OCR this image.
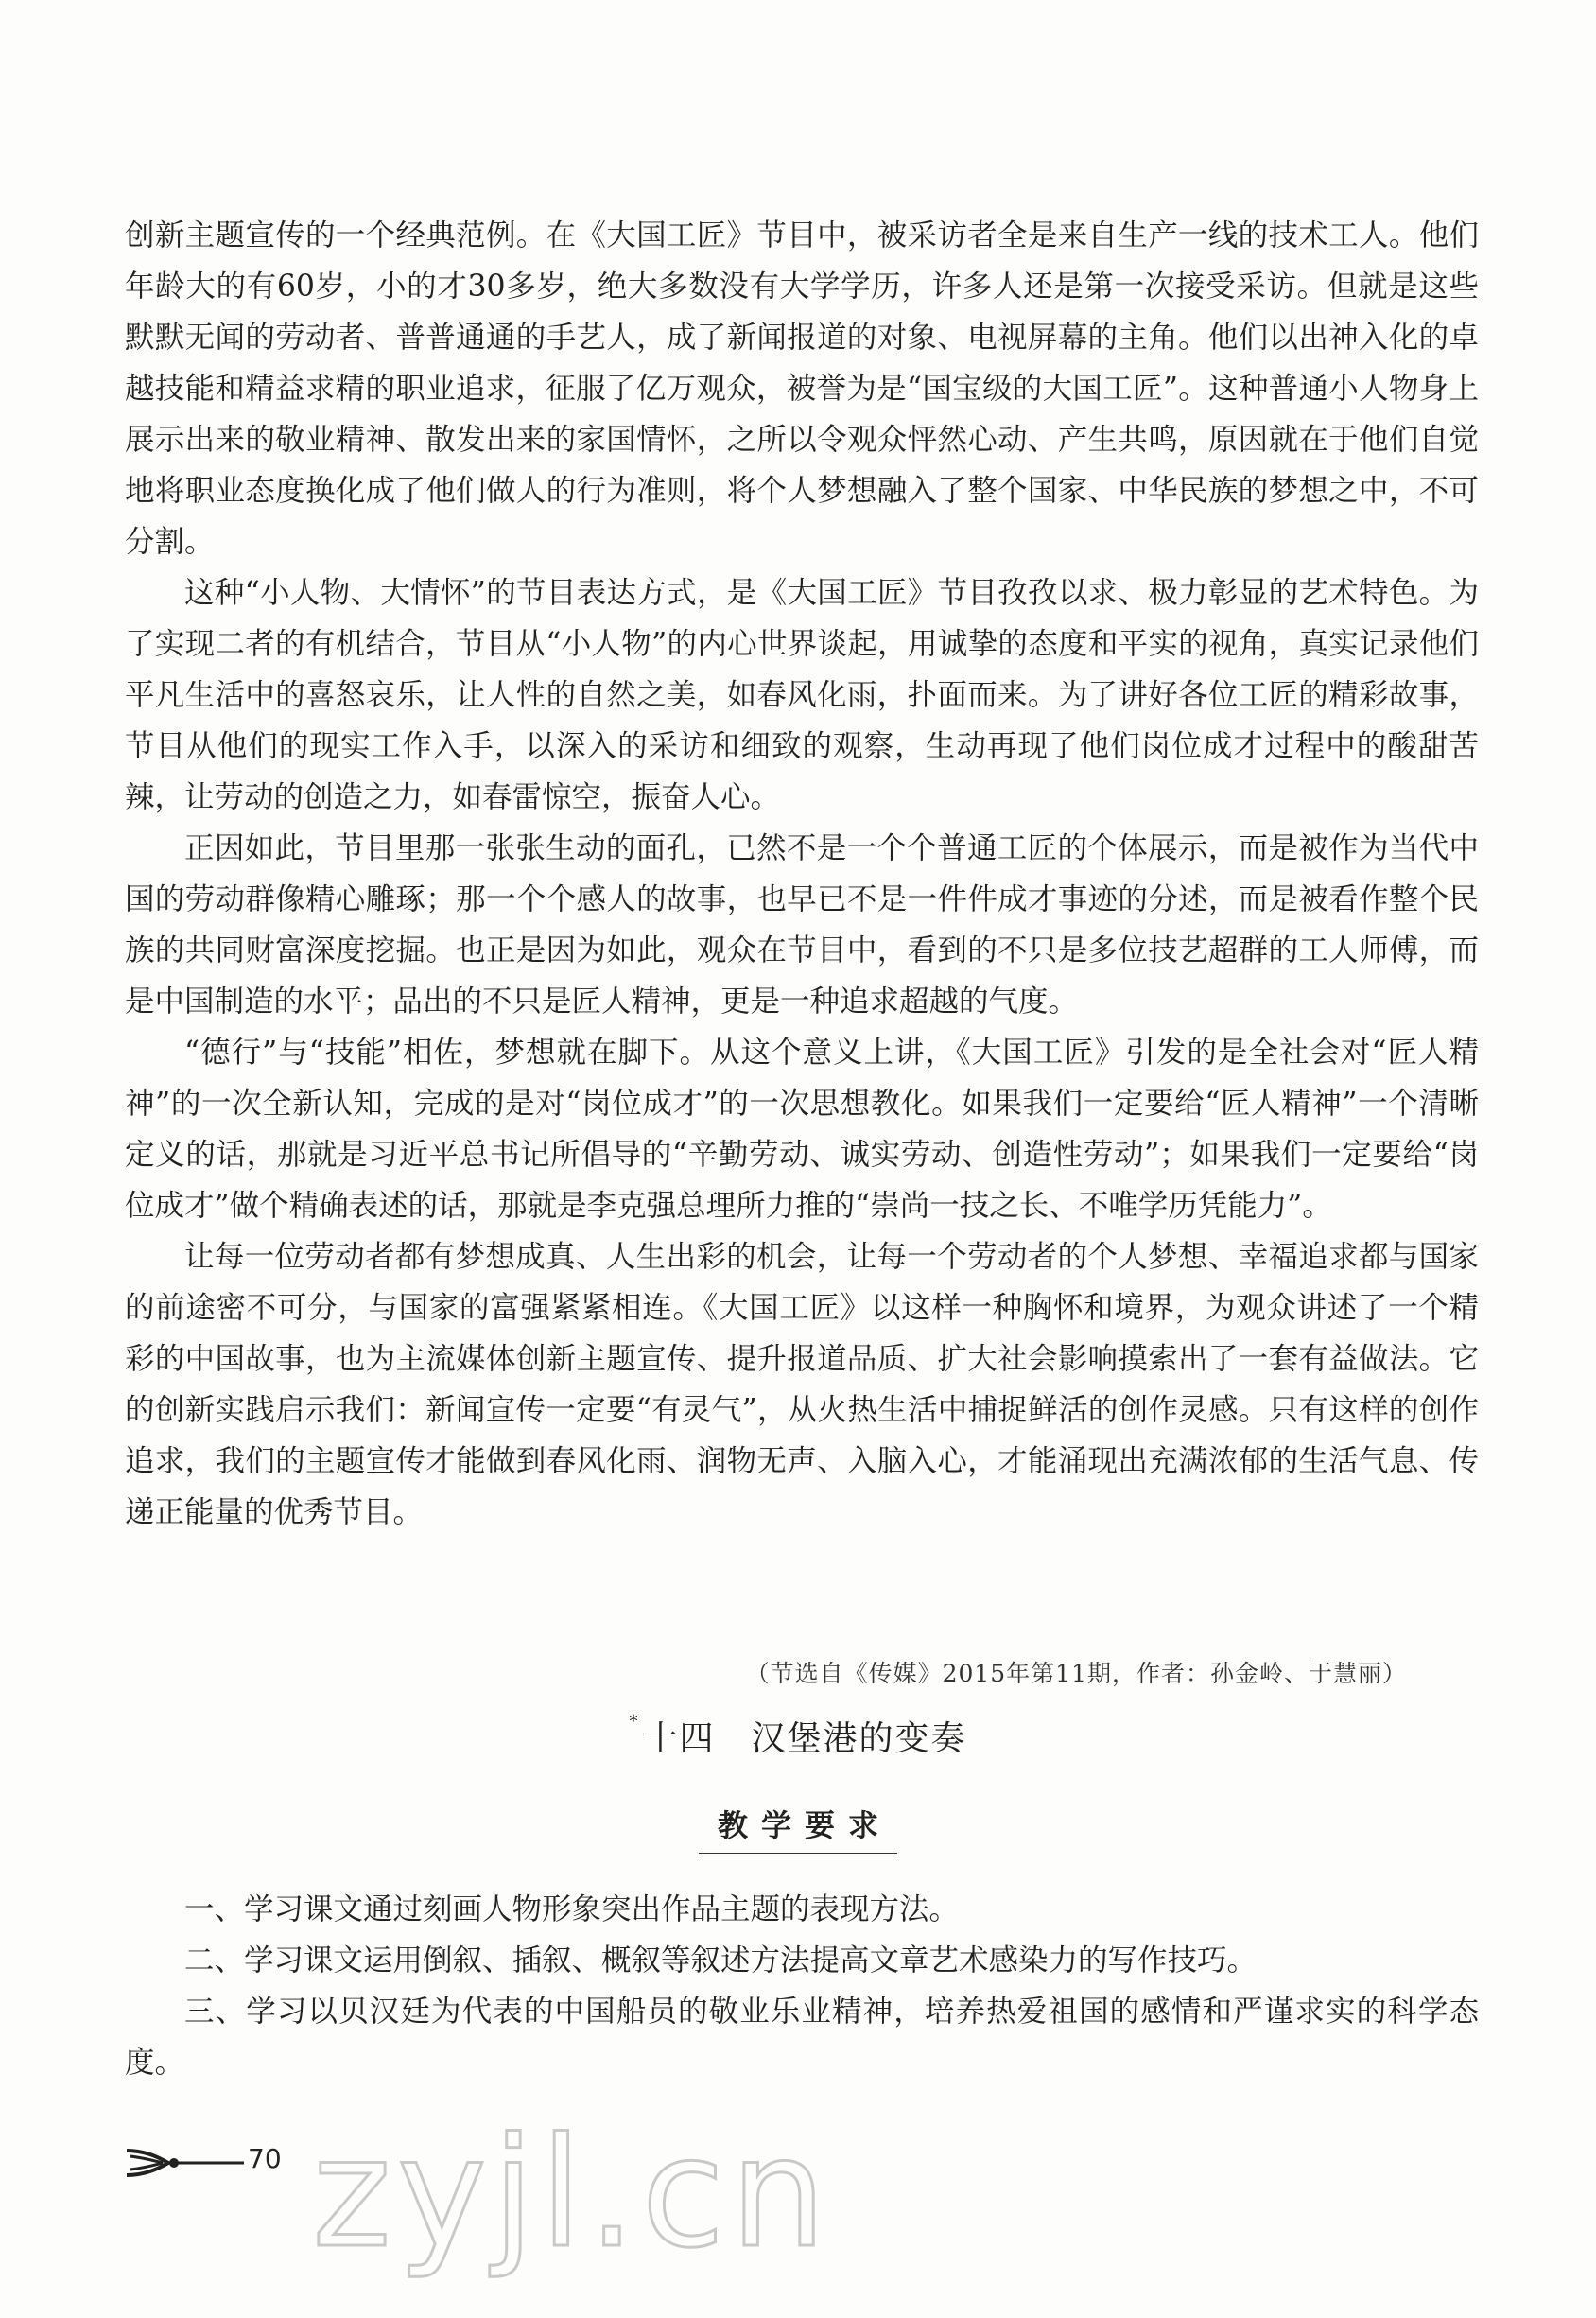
创新主题宣传的一个经典范例。在《大国工匠》节目中，被采访者全是来自生产一线的技术工人。他们年龄大的有60岁，小的才30多岁，绝大多数没有大学学历，许多人还是第一次接受采访。但就是这些默默无闻的劳动者、普普通通的手艺人，成了新闻报道的对象、电视屏幕的主角。他们以出神入化的卓越技能和精益求精的职业追求，征服了亿万观众，被誉为是“国宝级的大国工匠”。这种普通小人物身上展示出来的敬业精神、散发出来的家国情怀，之所以令观众怦然心动、产生共鸣，原因就在于他们自觉地将职业态度换化成了他们做人的行为准则，将个人梦想融入了整个国家、中华民族的梦想之中，不可分割。

这种“小人物、大情怀”的节目表达方式，是《大国工匠》节目孜孜以求、极力彰显的艺术特色。为了实现二者的有机结合，节目从“小人物”的内心世界谈起，用诚挚的态度和平实的视角，真实记录他们平凡生活中的喜怒哀乐，让人性的自然之美，如春风化雨，扑面而来。为了讲好各位工匠的精彩故事，节目从他们的现实工作入手，以深入的采访和细致的观察，生动再现了他们岗位成才过程中的酸甜苦辣，让劳动的创造之力，如春雷惊空，振奋人心。

正因如此，节目里那一张张生动的面孔，已然不是一个个普通工匠的个体展示，而是被作为当代中国的劳动群像精心雕琢；那一个个感人的故事，也早已不是一件件成才事迹的分述，而是被看作整个民族的共同财富深度挖掘。也正是因为如此，观众在节目中，看到的不只是多位技艺超群的工人师傅，而是中国制造的水平；品出的不只是匠人精神，更是一种追求超越的气度。

“德行”与“技能”相佐，梦想就在脚下。从这个意义上讲，《大国工匠》引发的是全社会对“匠人精神”的一次全新认知，完成的是对“岗位成才”的一次思想教化。如果我们一定要给“匠人精神”一个清晰定义的话，那就是习近平总书记所倡导的“辛勤劳动、诚实劳动、创造性劳动”；如果我们一定要给“岗位成才”做个精确表述的话，那就是李克强总理所力推的“崇尚一技之长、不唯学历凭能力”。

让每一位劳动者都有梦想成真、人生出彩的机会，让每一个劳动者的个人梦想、幸福追求都与国家的前途密不可分，与国家的富强紧紧相连。《大国工匠》以这样一种胸怀和境界，为观众讲述了一个精彩的中国故事，也为主流媒体创新主题宣传、提升报道品质、扩大社会影响摸索出了一套有益做法。它的创新实践启示我们：新闻宣传一定要“有灵气”，从火热生活中捕捉鲜活的创作灵感。只有这样的创作追求，我们的主题宣传才能做到春风化雨、润物无声、入脑入心，才能涌现出充满浓郁的生活气息、传递正能量的优秀节目。

（节选自《传媒》2015年第11期，作者：孙金岭、于慧丽）
* 十四　汉堡港的变奏
教学要求

一、学习课文通过刻画人物形象突出作品主题的表现方法。

二、学习课文运用倒叙、插叙、概叙等叙述方法提高文章艺术感染力的写作技巧。

三、学习以贝汉廷为代表的中国船员的敬业乐业精神，培养热爱祖国的感情和严谨求实的科学态度。

70 zyjl.cn
